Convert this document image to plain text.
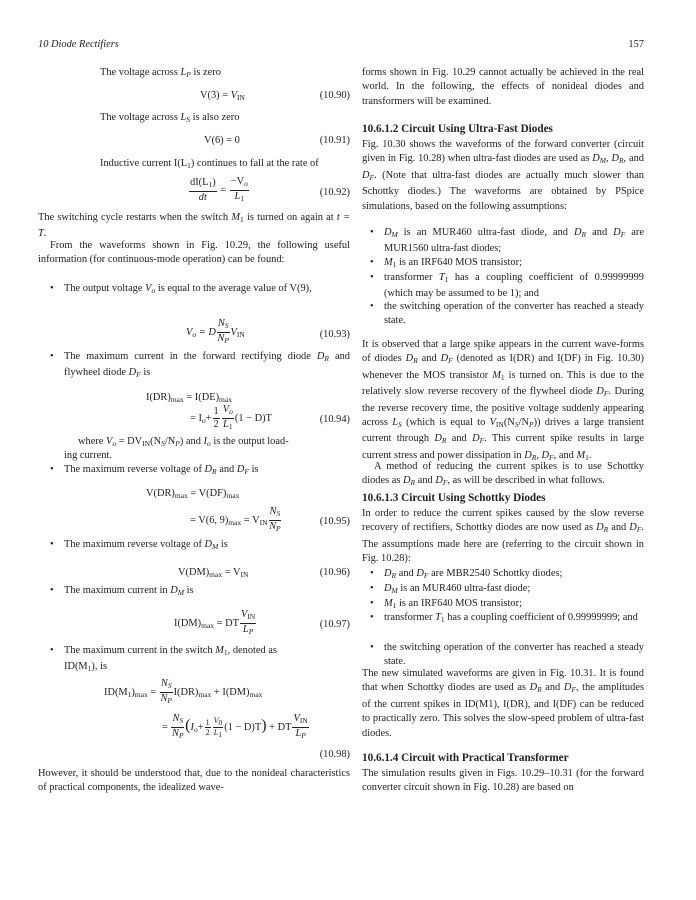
10 Diode Rectifiers	157
The voltage across $L_P$ is zero
$V(3) = V_{IN}$	(10.90)
The voltage across $L_S$ is also zero
V(6) = 0	(10.91)
Inductive current $I(L_1)$ continues to fall at the rate of
$\frac{dI(L_1)}{dt} = \frac{-V_o}{L_1}$	(10.92)
The switching cycle restarts when the switch $M_1$ is turned on again at t = T.
From the waveforms shown in Fig. 10.29, the following useful information (for continuous-mode operation) can be found:
• The output voltage $V_o$ is equal to the average value of V(9),
$V_o = D \frac{N_S}{N_P} V_{IN}$	(10.93)
• The maximum current in the forward rectifying diode $D_R$ and flywheel diode $D_F$ is
$I(DR)_{max} = I(DE)_{max}$
= $I_o+ \frac{1}{2} \frac{V_o}{L_1} (1 - D)T$	(10.94)
where $V_o = DV_{IN}(N_S/N_P)$ and $I_o$ is the output load-
ing current.
• The maximum reverse voltage of $D_R$ and $D_F$ is
$V(DR)_{max} = V(DF)_{max}$
= V(6, $9)_{max} = V_{IN} \frac{N_S}{N_P}$	(10.95)
• The maximum reverse voltage of $D_M$ is
$V(DM)_{max} = V_{IN}$	(10.96)
• The maximum current in $D_M$ is
$I(DM)_{max}$ = DT $\frac{V_{IN}}{L_P}$	(10.97)
• The maximum current in the switch $M_1$, denoted as
$ID(M_1)$, is
$ID(M_1)_{max} = \frac{N_S}{N_P} I(DR)_{max} + I(DM)_{max}$
= $\frac{N_S}{N_P} (I_o+ \frac{1}{2} \frac{V0}{L1} (1 - D)T)$ + DT $\frac{V_{IN}}{L_P}$
(10.98)
However, it should be understood that, due to the nonideal characteristics of practical components, the idealized wave-
forms shown in Fig. 10.29 cannot actually be achieved in the real world. In the following, the effects of nonideal diodes and transformers will be examined.
10.6.1.2 Circuit Using Ultra-Fast Diodes
Fig. 10.30 shows the waveforms of the forward converter (circuit given in Fig. 10.28) when ultra-fast diodes are used as $D_M$, $D_R$, and $D_F$. (Note that ultra-fast diodes are actually much slower than Schottky diodes.) The waveforms are obtained by PSpice simulations, based on the following assumptions:
• $D_M$ is an MUR460 ultra-fast diode, and $D_R$ and $D_F$ are MUR1560 ultra-fast diodes;
• $M_1$ is an IRF640 MOS transistor;
• transformer $T_1$ has a coupling coefficient of 0.99999999 (which may be assumed to be 1); and
• the switching operation of the converter has reached a steady state.
It is observed that a large spike appears in the current wave-forms of diodes $D_R$ and $D_F$ (denoted as I(DR) and I(DF) in Fig. 10.30) whenever the MOS transistor $M_1$ is turned on. This is due to the relatively slow reverse recovery of the flywheel diode $D_F$. During the reverse recovery time, the positive voltage suddenly appearing across $L_S$ (which is equal to $V_{IN}(N_S/N_P)$) drives a large transient current through $D_R$ and $D_F$. This current spike results in large current stress and power dissipation in $D_R$, $D_F$, and $M_1$.
A method of reducing the current spikes is to use Schottky diodes as $D_R$ and $D_F$, as will be described in what follows.
10.6.1.3 Circuit Using Schottky Diodes
In order to reduce the current spikes caused by the slow reverse recovery of rectifiers, Schottky diodes are now used as $D_R$ and $D_F$. The assumptions made here are (referring to the circuit shown in Fig. 10.28):
• $D_R$ and $D_F$ are MBR2540 Schottky diodes;
• $D_M$ is an MUR460 ultra-fast diode;
• $M_1$ is an IRF640 MOS transistor;
• transformer $T_1$ has a coupling coefficient of 0.99999999; and
• the switching operation of the converter has reached a steady state.
The new simulated waveforms are given in Fig. 10.31. It is found that when Schottky diodes are used as $D_R$ and $D_F$, the amplitudes of the current spikes in ID(M1), I(DR), and I(DF) can be reduced to practically zero. This solves the slow-speed problem of ultra-fast diodes.
10.6.1.4 Circuit with Practical Transformer
The simulation results given in Figs. 10.29–10.31 (for the forward converter circuit shown in Fig. 10.28) are based on
